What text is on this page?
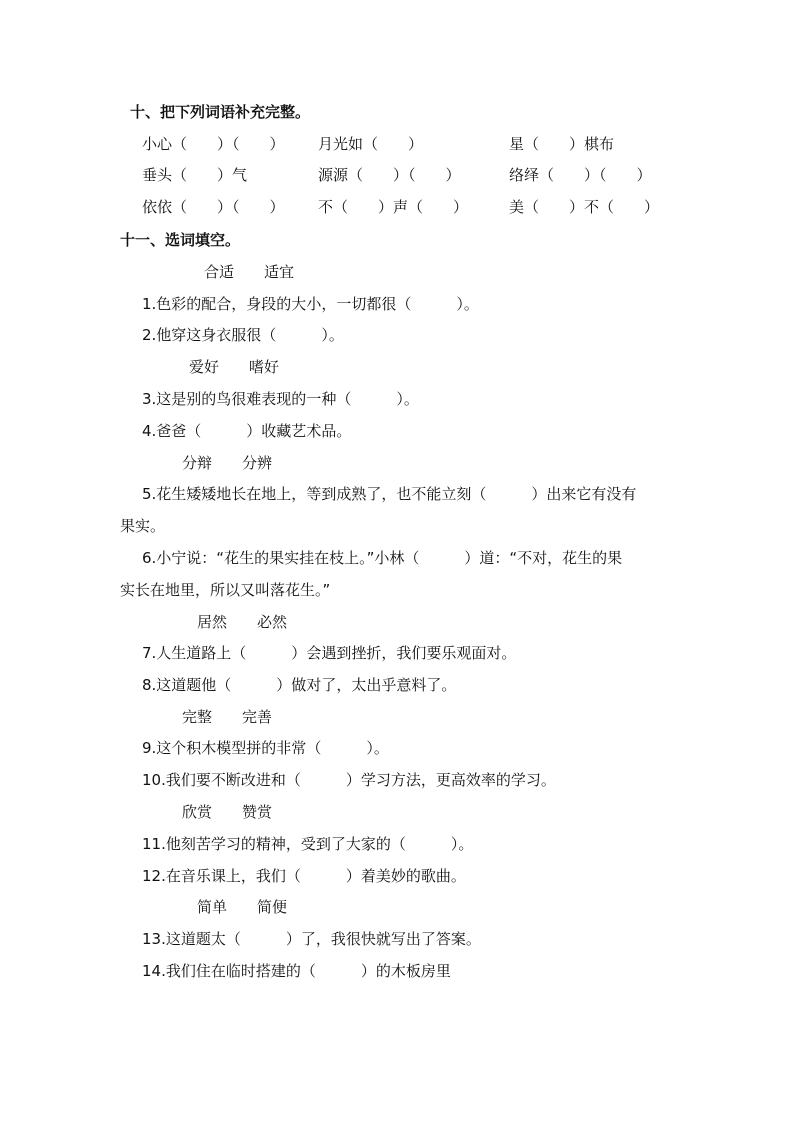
十、把下列词语补充完整。

小心（　　）（　　） 月光如（　　）	星（　　）棋布

垂头（　　）气	源源（　　）（　　）	络绎（　　）（　　）

依依（　　）（　　） 不（　　）声（　　）	美（　　）不（　　）

十一、选词填空。

合适　　适宜

1.色彩的配合，身段的大小，一切都很（　　　）。

2.他穿这身衣服很（　　　）。

爱好　　嗜好

3.这是别的鸟很难表现的一种（　　　）。

4.爸爸（　　　）收藏艺术品。

分辩　　分辨

5.花生矮矮地长在地上，等到成熟了，也不能立刻（　　　）出来它有没有

果实。

6.小宁说：“花生的果实挂在枝上。”小林（　　　）道：“不对，花生的果

实长在地里，所以又叫落花生。”

居然　　必然

7.人生道路上（　　　）会遇到挫折，我们要乐观面对。

8.这道题他（　　　）做对了，太出乎意料了。

完整　　完善

9.这个积木模型拼的非常（　　　）。

10.我们要不断改进和（　　　）学习方法，更高效率的学习。

欣赏　　赞赏

11.他刻苦学习的精神，受到了大家的（　　　）。

12.在音乐课上，我们（　　　）着美妙的歌曲。

简单　　简便

13.这道题太（　　　）了，我很快就写出了答案。

14.我们住在临时搭建的（　　　）的木板房里
